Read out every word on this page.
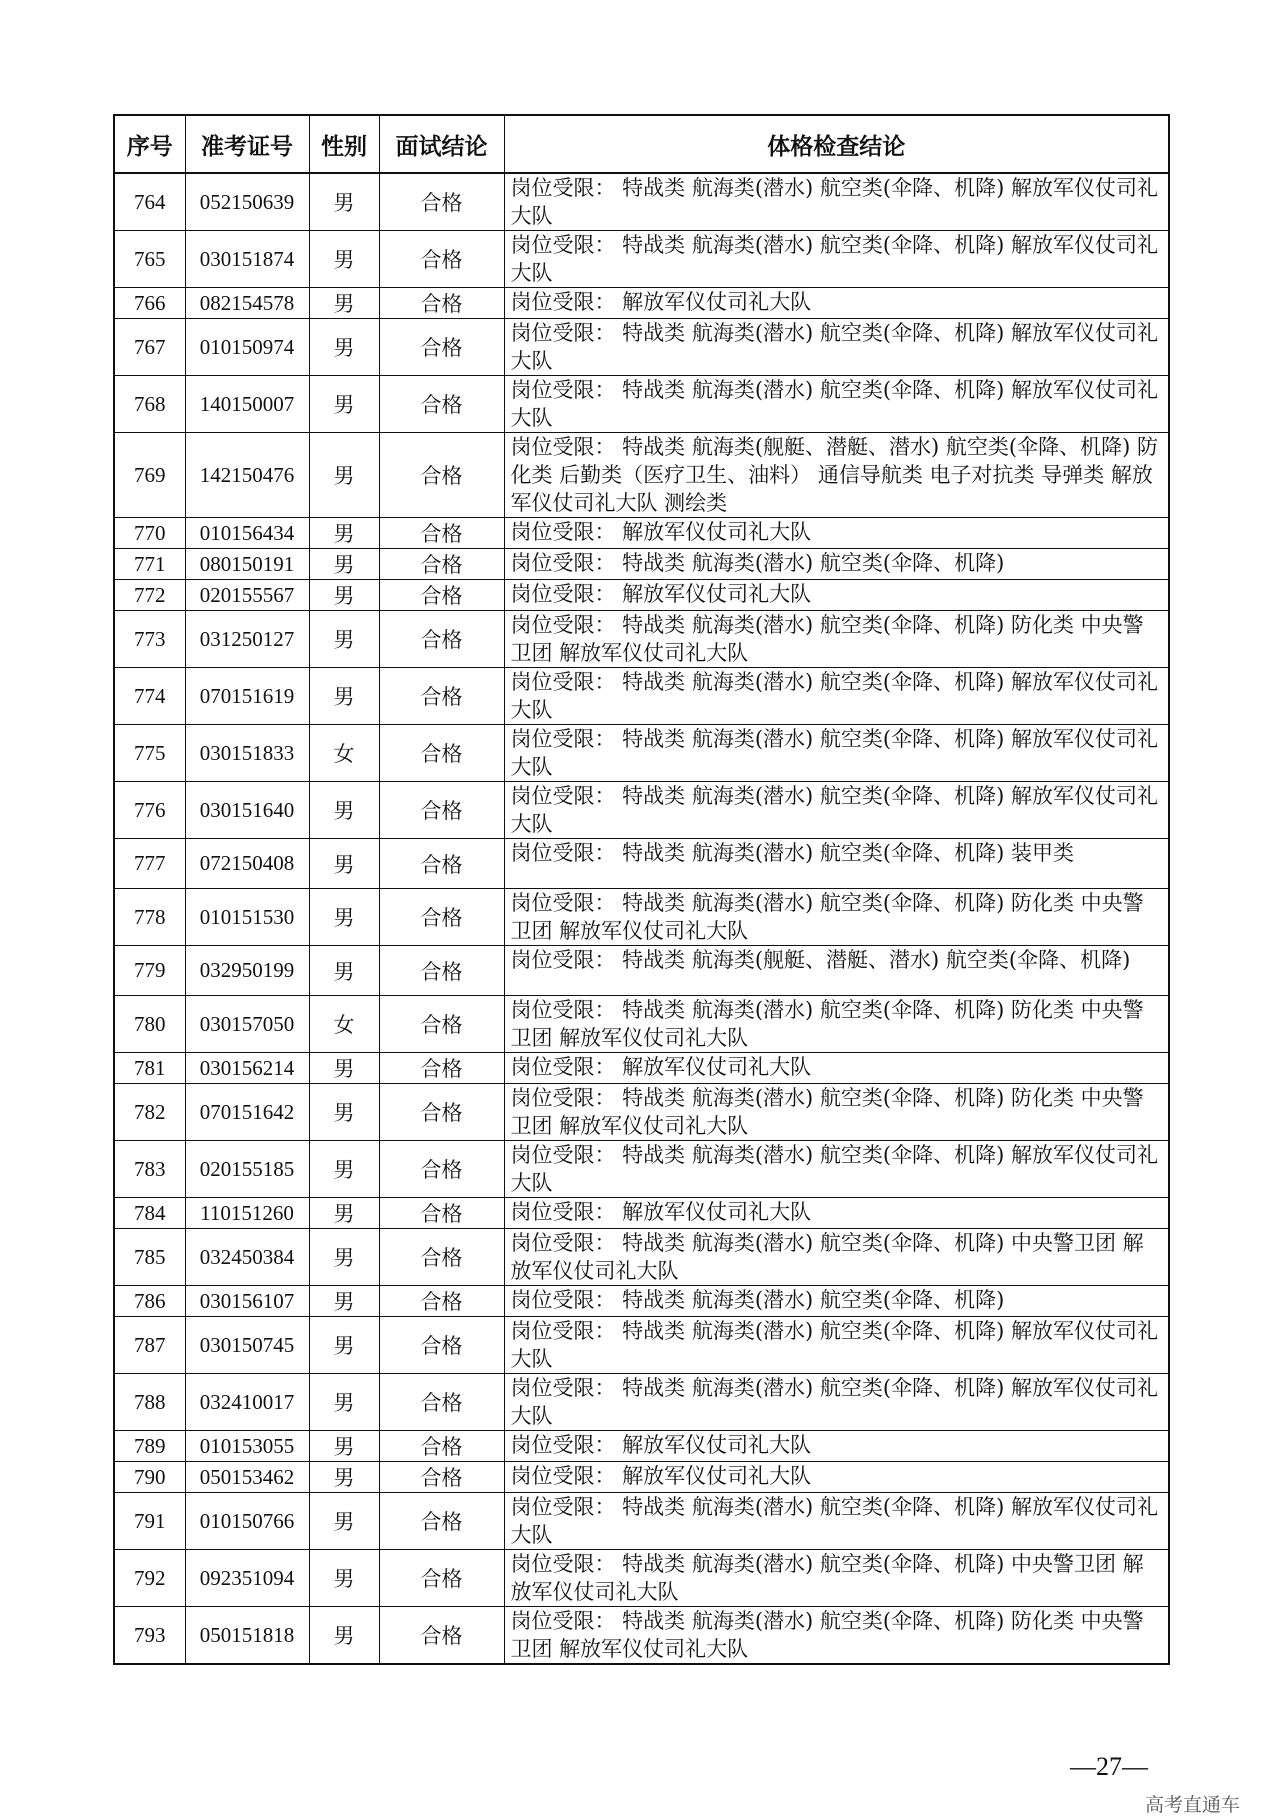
序号	准考证号	性别	面试结论	体格检查结论
764	052150639	男	合格	岗位受限： 特战类 航海类(潜水) 航空类(伞降、机降) 解放军仪仗司礼大队

765	030151874	男	合格	岗位受限： 特战类 航海类(潜水) 航空类(伞降、机降) 解放军仪仗司礼大队

766	082154578	男	合格	岗位受限： 解放军仪仗司礼大队

767	010150974	男	合格	岗位受限： 特战类 航海类(潜水) 航空类(伞降、机降) 解放军仪仗司礼大队

768	140150007	男	合格	岗位受限： 特战类 航海类(潜水) 航空类(伞降、机降) 解放军仪仗司礼大队

769	142150476	男	合格	岗位受限： 特战类 航海类(舰艇、潜艇、潜水) 航空类(伞降、机降) 防化类 后勤类（医疗卫生、油料） 通信导航类 电子对抗类 导弹类 解放军仪仗司礼大队 测绘类

770	010156434	男	合格	岗位受限： 解放军仪仗司礼大队

771	080150191	男	合格	岗位受限： 特战类 航海类(潜水) 航空类(伞降、机降)

772	020155567	男	合格	岗位受限： 解放军仪仗司礼大队

773	031250127	男	合格	岗位受限： 特战类 航海类(潜水) 航空类(伞降、机降) 防化类 中央警卫团 解放军仪仗司礼大队

774	070151619	男	合格	岗位受限： 特战类 航海类(潜水) 航空类(伞降、机降) 解放军仪仗司礼大队

775	030151833	女	合格	岗位受限： 特战类 航海类(潜水) 航空类(伞降、机降) 解放军仪仗司礼大队

776	030151640	男	合格	岗位受限： 特战类 航海类(潜水) 航空类(伞降、机降) 解放军仪仗司礼大队

777	072150408	男	合格	岗位受限： 特战类 航海类(潜水) 航空类(伞降、机降) 装甲类

778	010151530	男	合格	岗位受限： 特战类 航海类(潜水) 航空类(伞降、机降) 防化类 中央警卫团 解放军仪仗司礼大队

779	032950199	男	合格	岗位受限： 特战类 航海类(舰艇、潜艇、潜水) 航空类(伞降、机降)

780	030157050	女	合格	岗位受限： 特战类 航海类(潜水) 航空类(伞降、机降) 防化类 中央警卫团 解放军仪仗司礼大队

781	030156214	男	合格	岗位受限： 解放军仪仗司礼大队

782	070151642	男	合格	岗位受限： 特战类 航海类(潜水) 航空类(伞降、机降) 防化类 中央警卫团 解放军仪仗司礼大队

783	020155185	男	合格	岗位受限： 特战类 航海类(潜水) 航空类(伞降、机降) 解放军仪仗司礼大队

784	110151260	男	合格	岗位受限： 解放军仪仗司礼大队

785	032450384	男	合格	岗位受限： 特战类 航海类(潜水) 航空类(伞降、机降) 中央警卫团 解放军仪仗司礼大队

786	030156107	男	合格	岗位受限： 特战类 航海类(潜水) 航空类(伞降、机降)

787	030150745	男	合格	岗位受限： 特战类 航海类(潜水) 航空类(伞降、机降) 解放军仪仗司礼大队

788	032410017	男	合格	岗位受限： 特战类 航海类(潜水) 航空类(伞降、机降) 解放军仪仗司礼大队

789	010153055	男	合格	岗位受限： 解放军仪仗司礼大队

790	050153462	男	合格	岗位受限： 解放军仪仗司礼大队

791	010150766	男	合格	岗位受限： 特战类 航海类(潜水) 航空类(伞降、机降) 解放军仪仗司礼大队

792	092351094	男	合格	岗位受限： 特战类 航海类(潜水) 航空类(伞降、机降) 中央警卫团 解放军仪仗司礼大队

793	050151818	男	合格	岗位受限： 特战类 航海类(潜水) 航空类(伞降、机降) 防化类 中央警卫团 解放军仪仗司礼大队
—27—
高考直通车
